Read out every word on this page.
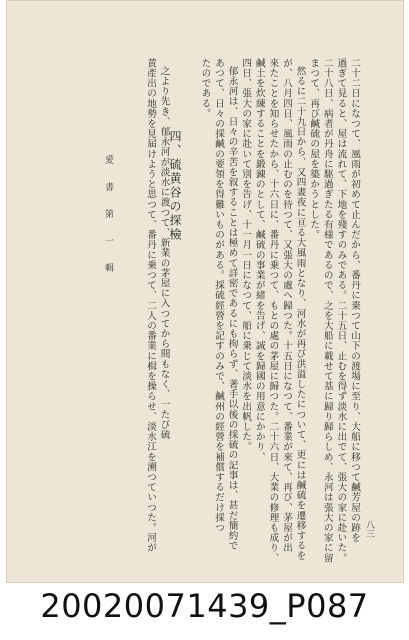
二十二日になつて、風雨が初めて止んだから、番丹に乗つて山下の渡場に至り、大船に移つて鹹芳屋の跡を
過ぎて見ると、屋は流れて、下地を殘すのみである。二十五日、止むを得ず淡水に出でて、張大の家に赴いた。
二十八日、病者が丹舟に駆過ぎたる有様であるので、之を大船に載せて基に歸り歸らしめ、永河は張大の家に留
まつて、再び鹹硫の屋を築かうとした。
然るに二十九日から、又四晝夜に亘る大風雨となり、河水が再び洪溢したについて、更には鹹硫を遷移するを
が、八月四日、風雨の止むのを待つて、又張大の處へ歸つた。十五日になつて、番業が來て、再び、茅屋が出
來たことを知らせたから、十六日に、番丹に乗つて、もとの處の茅屋に歸つた。二十六日、大業の修理も成り、
鹹土を炊練することを鍛錬のとして、鹹硫の事業が緒を告げ、誠を歸國の用意にかかり、
四日、張大の家に赴いて別を告げ、十一月一日になつて、船に乗じて淡水を出帆した。
郁永河は、日々の辛苦を叙することは極めて詳密であるにも拘らず、著手以後の採硫の記事は、甚だ簡約で
あつて、日々の採鹹の要領を得難いものがある。採硫經營を記すのみで、鹹州の經營を補償するだけ採つ
たのである。
之より先き、郁永河が淡水に渡つて、新業の茅屋に入つてから間もなく、一たび硫
黄產出の地勢を見届けようと思つて、番丹に乗つて、二人の番業に楫を操らせ、淡水江を溯つていつた。河が 四、硫黄谷の探檢
愛 書 第 一 輯
八三
20020071439_P087
